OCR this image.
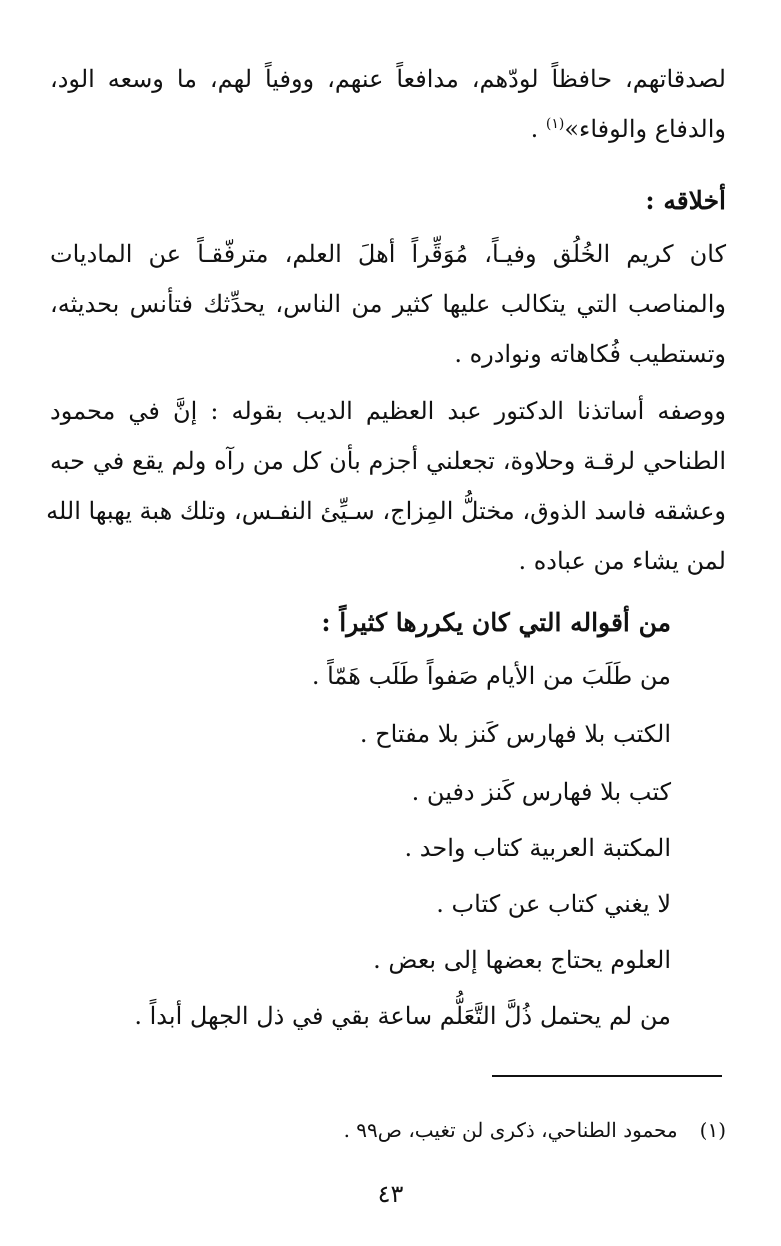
لصدقاتهم، حافظاً لودّهم، مدافعاً عنهم، ووفياً لهم، ما وسعه الود،
والدفاع والوفاء»$^{(١)}$ .
أخلاقه :
كان كريم الخُلُق وفيـاً، مُوَقِّراً أهلَ العلم، مترفّقـاً عن الماديات
والمناصب التي يتكالب عليها كثير من الناس، يحدِّثك فتأنس بحديثه،
وتستطيب فُكاهاته ونوادره .
ووصفه أساتذنا الدكتور عبد العظيم الديب بقوله : إنَّ في محمود
الطناحي لرقـة وحلاوة، تجعلني أجزم بأن كل من رآه ولم يقع في حبه
وعشقه فاسد الذوق، مختلُّ المِزاج، سـيِّئ النفـس، وتلك هبة يهبها الله
لمن يشاء من عباده .
من أقواله التي كان يكررها كثيراً :
من طَلَبَ من الأيام صَفواً طَلَب هَمّاً .
الكتب بلا فهارس كَنز بلا مفتاح .
كتب بلا فهارس كَنز دفين .
المكتبة العربية كتاب واحد .
لا يغني كتاب عن كتاب .
العلوم يحتاج بعضها إلى بعض .
من لم يحتمل ذُلَّ التَّعَلُّم ساعة بقي في ذل الجهل أبداً .
(١)محمود الطناحي، ذكرى لن تغيب، ص٩٩ .
٤٣
